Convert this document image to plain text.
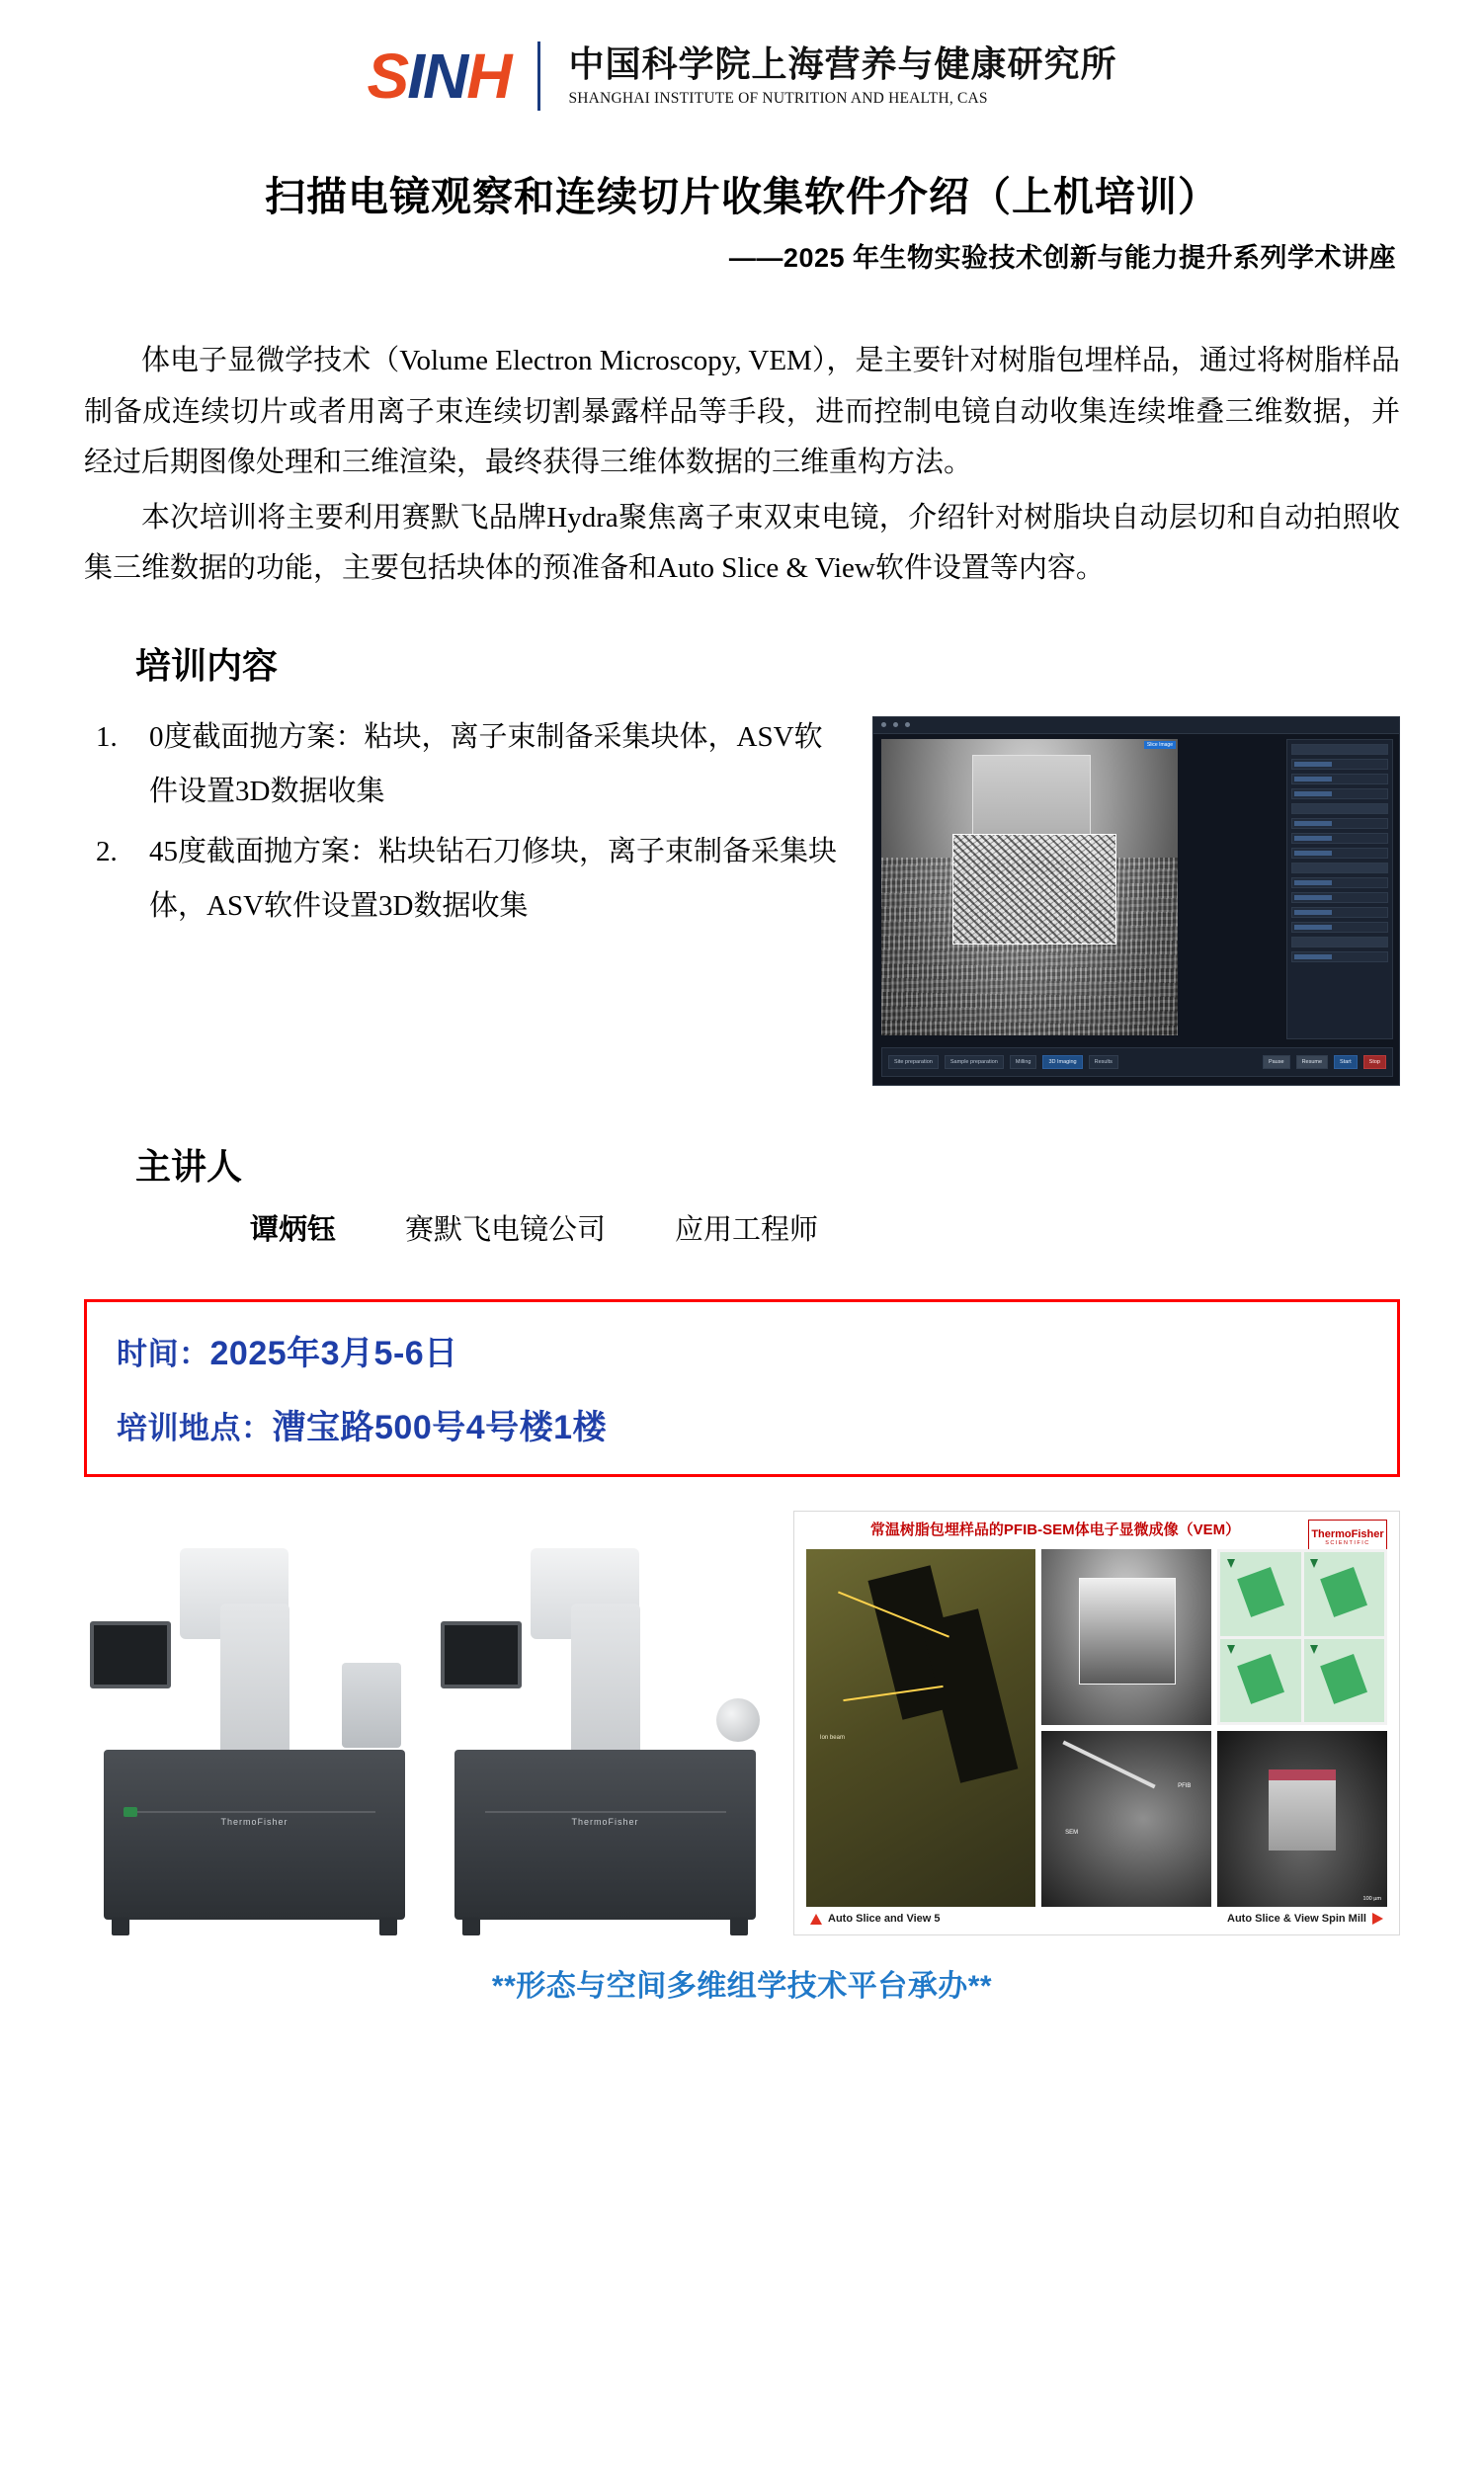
S IN H 中国科学院上海营养与健康研究所
SHANGHAI INSTITUTE OF NUTRITION AND HEALTH, CAS
扫描电镜观察和连续切片收集软件介绍（上机培训）
——2025 年生物实验技术创新与能力提升系列学术讲座

体电子显微学技术（Volume Electron Microscopy, VEM），是主要针对树脂包埋样品，通过将树脂样品制备成连续切片或者用离子束连续切割暴露样品等手段，进而控制电镜自动收集连续堆叠三维数据，并经过后期图像处理和三维渲染，最终获得三维体数据的三维重构方法。

本次培训将主要利用赛默飞品牌Hydra聚焦离子束双束电镜，介绍针对树脂块自动层切和自动拍照收集三维数据的功能，主要包括块体的预准备和Auto Slice & View软件设置等内容。

培训内容
1.	0度截面抛方案：粘块，离子束制备采集块体，ASV软件设置3D数据收集
2.	45度截面抛方案：粘块钻石刀修块，离子束制备采集块体，ASV软件设置3D数据收集
Slice Image
Site preparation	Sample preparation	Milling	3D Imaging	Results	Pause	Resume	Start	Stop
主讲人
谭炳钰 赛默飞电镜公司 应用工程师
时间：2025年3月5-6日
培训地点：漕宝路500号4号楼1楼
ThermoFisher	ThermoFisher
常温树脂包埋样品的PFIB-SEM体电子显微成像（VEM）	ThermoFisher
SCIENTIFIC
Ion beam
SEM
PFIB
100 µm
Auto Slice and View 5	Auto Slice & View Spin Mill
**形态与空间多维组学技术平台承办**
